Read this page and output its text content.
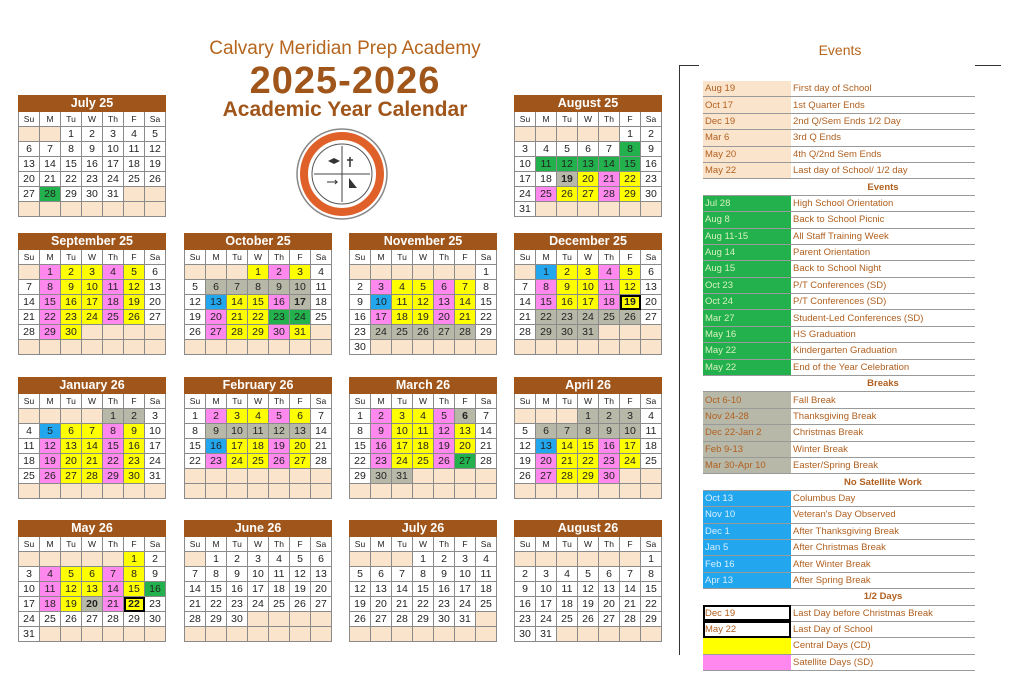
Calvary Meridian Prep Academy
2025-2026
Academic Year Calendar
July 25						
Su	M	Tu	W	Th	F	Sa
		1	2	3	4	5
6	7	8	9	10	11	12
13	14	15	16	17	18	19
20	21	22	23	24	25	26
27	28	29	30	31		

August 25						
Su	M	Tu	W	Th	F	Sa
					1	2
3	4	5	6	7	8	9
10	11	12	13	14	15	16
17	18	19	20	21	22	23
24	25	26	27	28	29	30
31						
September 25						
Su	M	Tu	W	Th	F	Sa
	1	2	3	4	5	6
7	8	9	10	11	12	13
14	15	16	17	18	19	20
21	22	23	24	25	26	27
28	29	30				

October 25						
Su	M	Tu	W	Th	F	Sa
			1	2	3	4
5	6	7	8	9	10	11
12	13	14	15	16	17	18
19	20	21	22	23	24	25
26	27	28	29	30	31	

November 25						
Su	M	Tu	W	Th	F	Sa
						1
2	3	4	5	6	7	8
9	10	11	12	13	14	15
16	17	18	19	20	21	22
23	24	25	26	27	28	29
30						
December 25						
Su	M	Tu	W	Th	F	Sa
	1	2	3	4	5	6
7	8	9	10	11	12	13
14	15	16	17	18	19	20
21	22	23	24	25	26	27
28	29	30	31			

January 26						
Su	M	Tu	W	Th	F	Sa
				1	2	3
4	5	6	7	8	9	10
11	12	13	14	15	16	17
18	19	20	21	22	23	24
25	26	27	28	29	30	31

February 26						
Su	M	Tu	W	Th	F	Sa
1	2	3	4	5	6	7
8	9	10	11	12	13	14
15	16	17	18	19	20	21
22	23	24	25	26	27	28

March 26						
Su	M	Tu	W	Th	F	Sa
1	2	3	4	5	6	7
8	9	10	11	12	13	14
15	16	17	18	19	20	21
22	23	24	25	26	27	28
29	30	31				

April 26						
Su	M	Tu	W	Th	F	Sa
			1	2	3	4
5	6	7	8	9	10	11
12	13	14	15	16	17	18
19	20	21	22	23	24	25
26	27	28	29	30		

May 26						
Su	M	Tu	W	Th	F	Sa
					1	2
3	4	5	6	7	8	9
10	11	12	13	14	15	16
17	18	19	20	21	22	23
24	25	26	27	28	29	30
31						
June 26						
Su	M	Tu	W	Th	F	Sa
	1	2	3	4	5	6
7	8	9	10	11	12	13
14	15	16	17	18	19	20
21	22	23	24	25	26	27
28	29	30				

July 26						
Su	M	Tu	W	Th	F	Sa
			1	2	3	4
5	6	7	8	9	10	11
12	13	14	15	16	17	18
19	20	21	22	23	24	25
26	27	28	29	30	31	

August 26						
Su	M	Tu	W	Th	F	Sa
						1
2	3	4	5	6	7	8
9	10	11	12	13	14	15
16	17	18	19	20	21	22
23	24	25	26	27	28	29
30	31					
Events
Aug 19	First day of School
Oct 17	1st Quarter Ends
Dec 19	2nd Q/Sem Ends 1/2 Day
Mar 6	3rd Q Ends
May 20	4th Q/2nd Sem Ends
May 22	Last day of School/ 1/2 day
	Events
Jul 28	High School Orientation
Aug 8	Back to School Picnic
Aug 11-15	All Staff Training Week
Aug 14	Parent Orientation
Aug 15	Back to School Night
Oct 23	P/T Conferences (SD)
Oct 24	P/T Conferences (SD)
Mar 27	Student-Led Conferences (SD)
May 16	HS Graduation
May 22	Kindergarten Graduation
May 22	End of the Year Celebration
	Breaks
Oct 6-10	Fall Break
Nov 24-28	Thanksgiving Break
Dec 22-Jan 2	Christmas Break
Feb 9-13	Winter Break
Mar 30-Apr 10	Easter/Spring Break
	No Satellite Work
Oct 13	Columbus Day
Nov 10	Veteran's Day Observed
Dec 1	After Thanksgiving Break
Jan 5	After Christmas Break
Feb 16	After Winter Break
Apr 13	After Spring Break
	1/2 Days
Dec 19	Last Day before Christmas Break
May 22	Last Day of School
	Central Days (CD)
	Satellite Days (SD)
